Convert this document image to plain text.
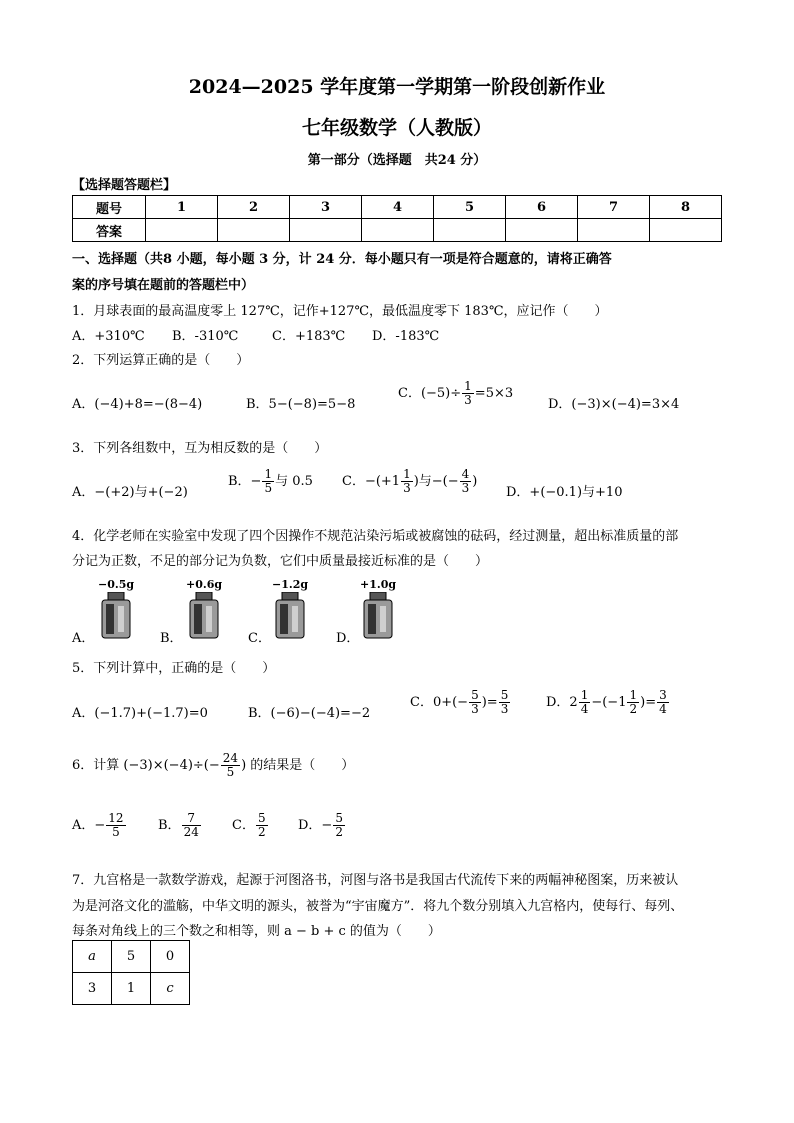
2024—2025 学年度第一学期第一阶段创新作业
七年级数学（人教版）
第一部分（选择题　共24 分）
【选择题答题栏】
题号	1	2	3	4	5	6	7	8
答案								
一、选择题（共8 小题，每小题 3 分，计 24 分．每小题只有一项是符合题意的，请将正确答
案的序号填在题前的答题栏中）
1．月球表面的最高温度零上 127℃，记作+127℃，最低温度零下 183℃，应记作（　　）
A．+310℃ B．-310℃	C．+183℃ D．-183℃
2．下列运算正确的是（　　）
A．(−4)+8=−(8−4)	B．5−(−8)=5−8
C．$(-5)\div \frac{1}{3} =5\times 3$
D．(−3)×(−4)=3×4
3．下列各组数中，互为相反数的是（　　）
A．−(+2)与+(−2)
B．− $\frac{1}{5}$ 与 0.5 C．$-(+1 \frac{1}{3}$ )与−(− $\frac{4}{3}$ )
D．+(−0.1)与+10
4．化学老师在实验室中发现了四个因操作不规范沾染污垢或被腐蚀的砝码，经过测量，超出标准质量的部
分记为正数，不足的部分记为负数，它们中质量最接近标准的是（　　）
−0.5g	+0.6g	−1.2g	+1.0g
A．	B．	C．	D．
5．下列计算中，正确的是（　　）
A．(−1.7)+(−1.7)=0	B．(−6)−(−4)=−2
C．$0+(- \frac{5}{3}$ )= $\frac{5}{3}$	D．$2 \frac{1}{4} -(-1 \frac{1}{2}$ )= $\frac{3}{4}$
6．计算 $(-3)\times(-4)\div(- \frac{24}{5}$ ) 的结果是（　　）
A．− $\frac{12}{5}$ B． $\frac{7}{24}$ C． $\frac{5}{2}$ D．− $\frac{5}{2}$
7．九宫格是一款数学游戏，起源于河图洛书，河图与洛书是我国古代流传下来的两幅神秘图案，历来被认
为是河洛文化的滥觞，中华文明的源头，被誉为“宇宙魔方”．将九个数分别填入九宫格内，使每行、每列、
每条对角线上的三个数之和相等，则 a − b + c 的值为（　　）
a	5	0
3	1	c
